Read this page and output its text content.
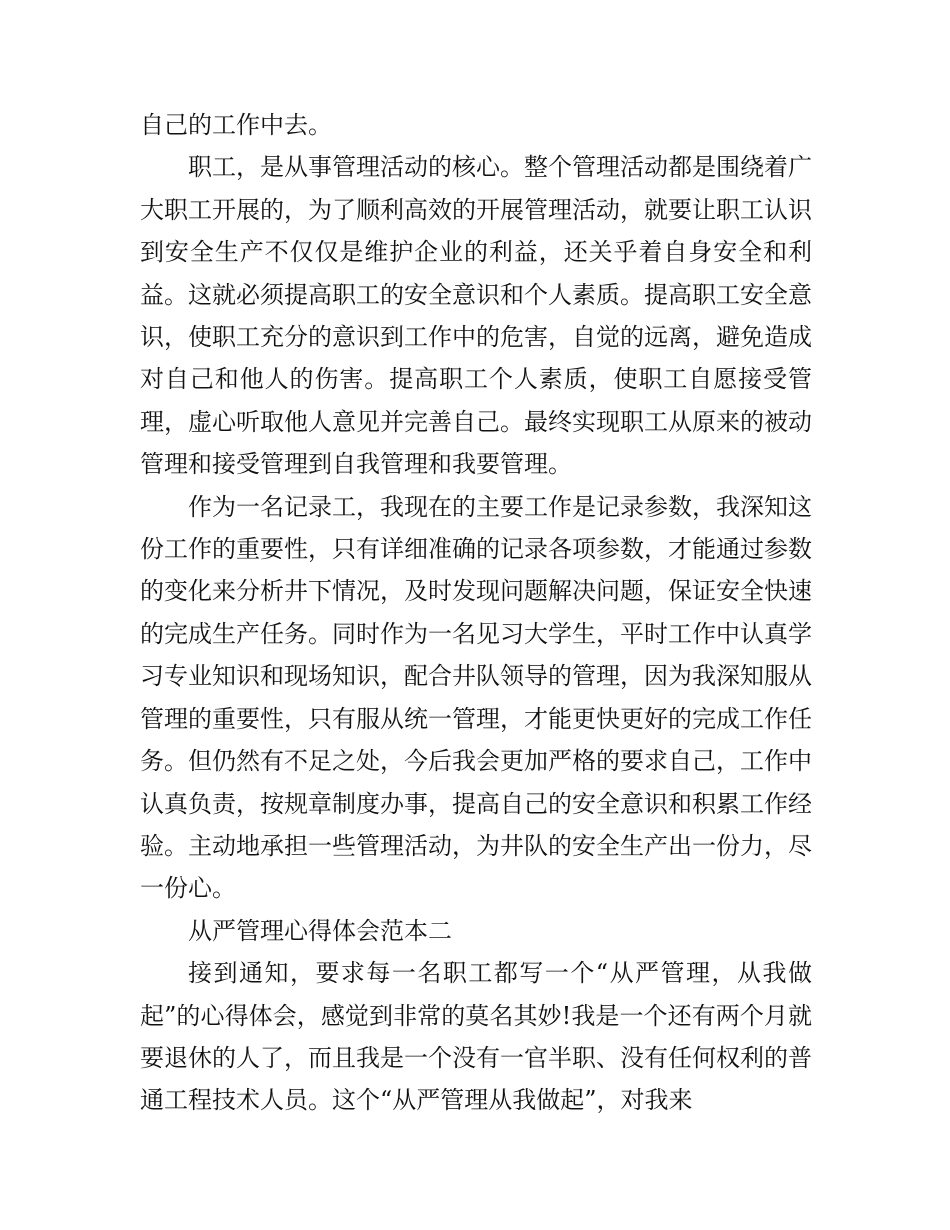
自己的工作中去。

职工，是从事管理活动的核心。整个管理活动都是围绕着广大职工开展的，为了顺利高效的开展管理活动，就要让职工认识到安全生产不仅仅是维护企业的利益，还关乎着自身安全和利益。这就必须提高职工的安全意识和个人素质。提高职工安全意识，使职工充分的意识到工作中的危害，自觉的远离，避免造成对自己和他人的伤害。提高职工个人素质，使职工自愿接受管理，虚心听取他人意见并完善自己。最终实现职工从原来的被动管理和接受管理到自我管理和我要管理。

作为一名记录工，我现在的主要工作是记录参数，我深知这份工作的重要性，只有详细准确的记录各项参数，才能通过参数的变化来分析井下情况，及时发现问题解决问题，保证安全快速的完成生产任务。同时作为一名见习大学生，平时工作中认真学习专业知识和现场知识，配合井队领导的管理，因为我深知服从管理的重要性，只有服从统一管理，才能更快更好的完成工作任务。但仍然有不足之处，今后我会更加严格的要求自己，工作中认真负责，按规章制度办事，提高自己的安全意识和积累工作经验。主动地承担一些管理活动，为井队的安全生产出一份力，尽一份心。

从严管理心得体会范本二

接到通知，要求每一名职工都写一个“从严管理，从我做起”的心得体会，感觉到非常的莫名其妙!我是一个还有两个月就要退休的人了，而且我是一个没有一官半职、没有任何权利的普通工程技术人员。这个“从严管理从我做起”，对我来
